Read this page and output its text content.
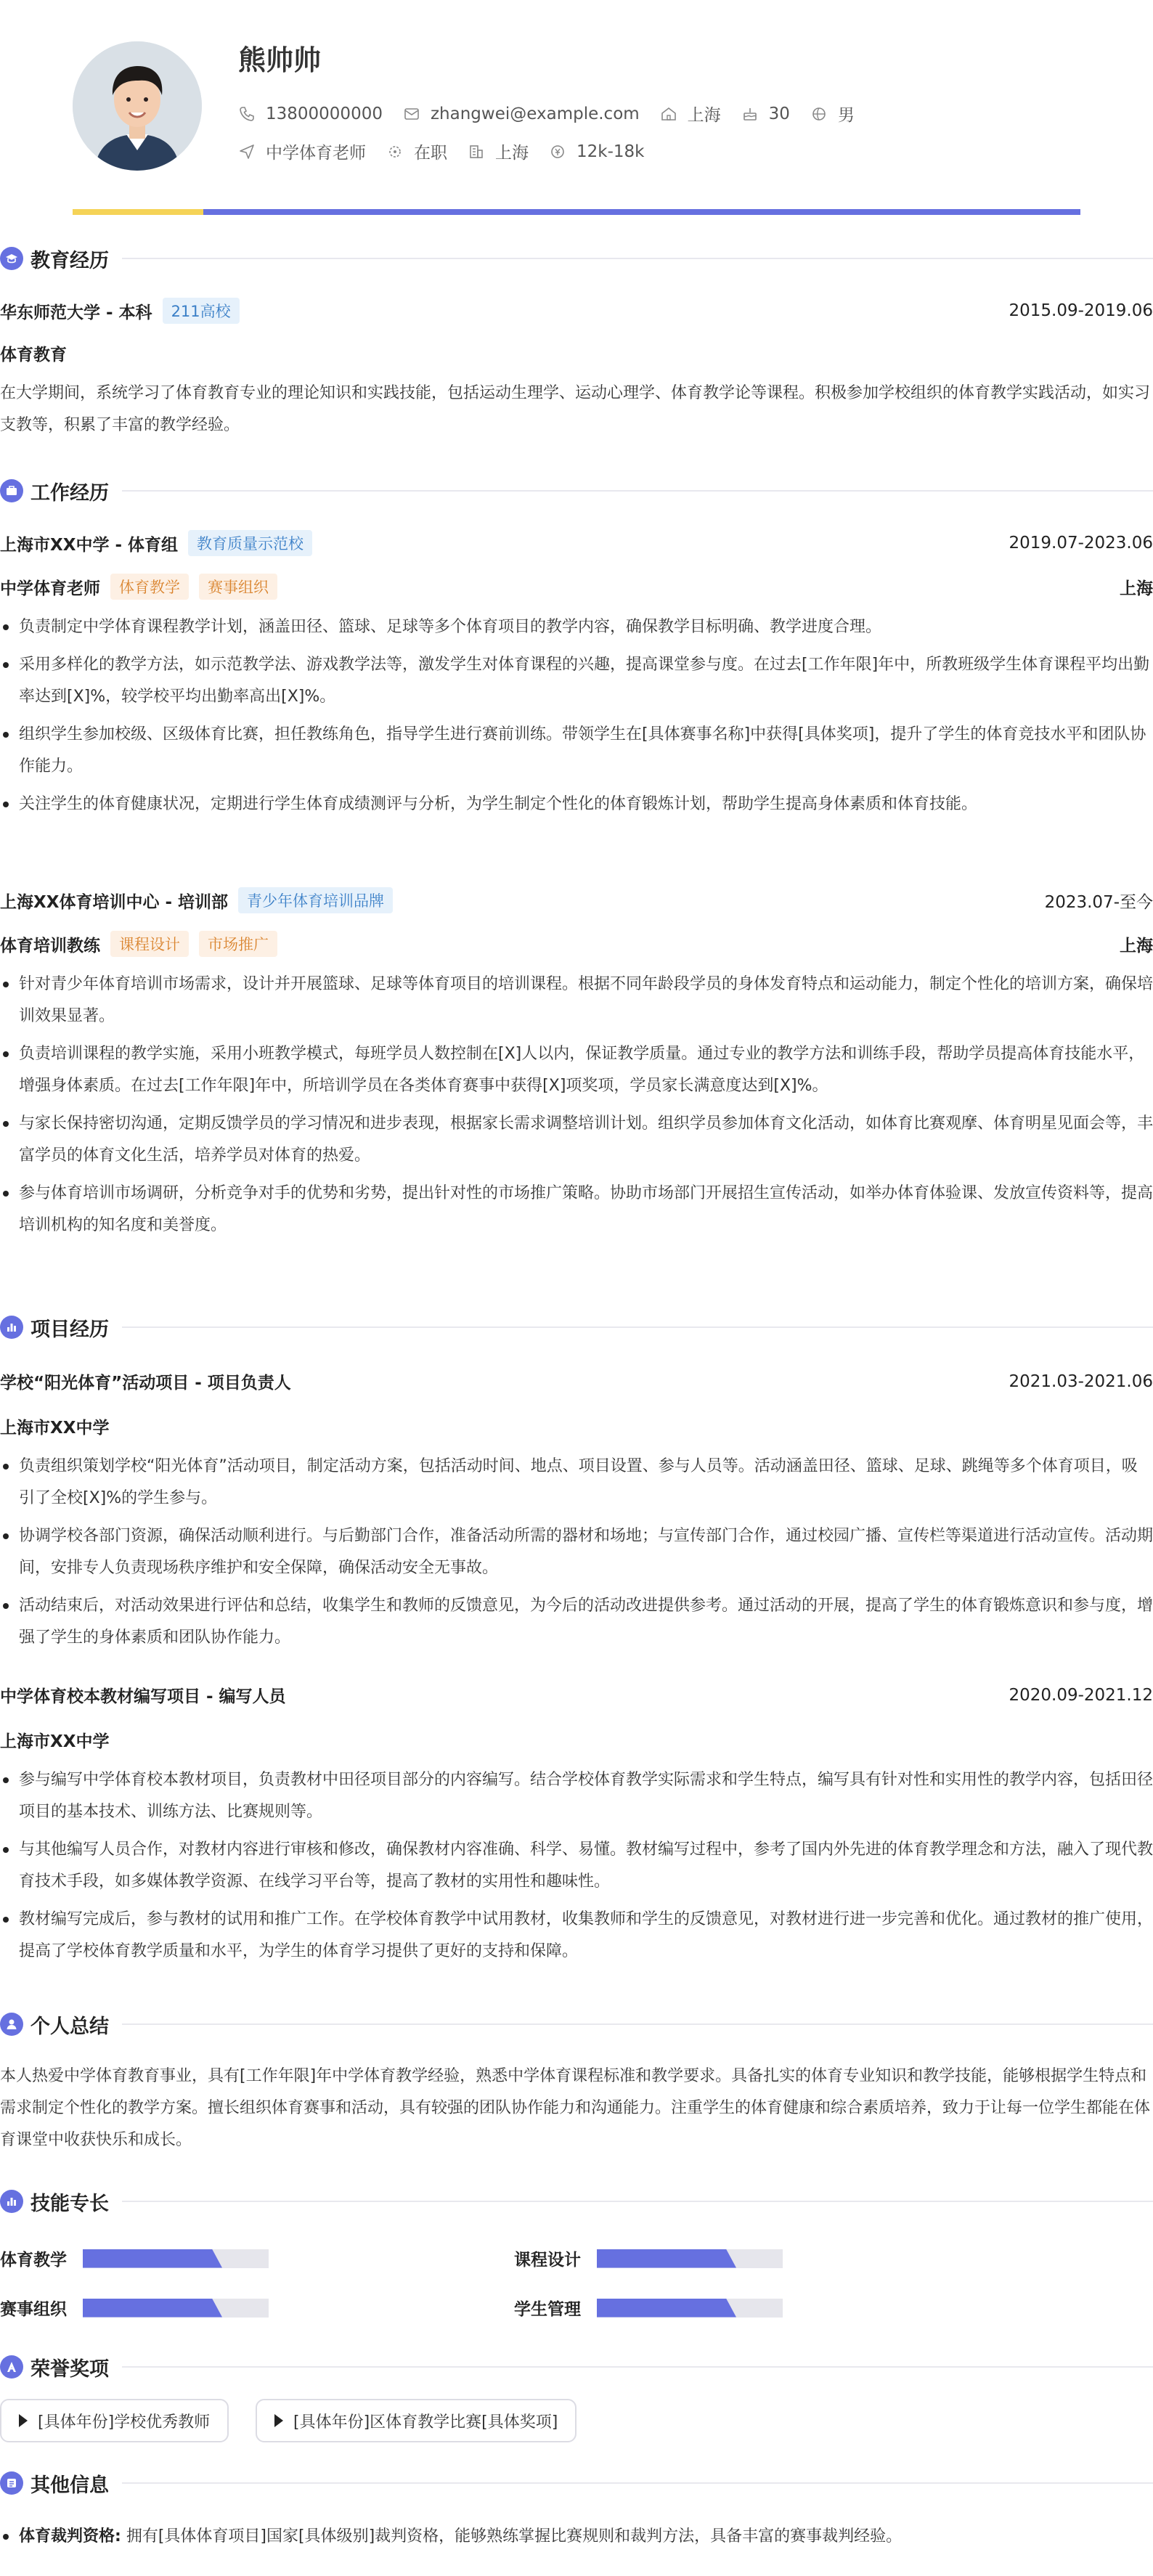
熊帅帅
13800000000	zhangwei@example.com	上海	30	男
中学体育老师	在职	上海	12k-18k
教育经历
华东师范大学 - 本科	211高校	2015.09-2019.06
体育教育
在大学期间，系统学习了体育教育专业的理论知识和实践技能，包括运动生理学、运动心理学、体育教学论等课程。积极参加学校组织的体育教学实践活动，如实习支教等，积累了丰富的教学经验。
工作经历
上海市XX中学 - 体育组	教育质量示范校	2019.07-2023.06
中学体育老师	体育教学	赛事组织	上海
负责制定中学体育课程教学计划，涵盖田径、篮球、足球等多个体育项目的教学内容，确保教学目标明确、教学进度合理。
采用多样化的教学方法，如示范教学法、游戏教学法等，激发学生对体育课程的兴趣，提高课堂参与度。在过去[工作年限]年中，所教班级学生体育课程平均出勤率达到[X]%，较学校平均出勤率高出[X]%。
组织学生参加校级、区级体育比赛，担任教练角色，指导学生进行赛前训练。带领学生在[具体赛事名称]中获得[具体奖项]，提升了学生的体育竞技水平和团队协作能力。
关注学生的体育健康状况，定期进行学生体育成绩测评与分析，为学生制定个性化的体育锻炼计划，帮助学生提高身体素质和体育技能。
上海XX体育培训中心 - 培训部	青少年体育培训品牌	2023.07-至今
体育培训教练	课程设计	市场推广	上海
针对青少年体育培训市场需求，设计并开展篮球、足球等体育项目的培训课程。根据不同年龄段学员的身体发育特点和运动能力，制定个性化的培训方案，确保培训效果显著。
负责培训课程的教学实施，采用小班教学模式，每班学员人数控制在[X]人以内，保证教学质量。通过专业的教学方法和训练手段，帮助学员提高体育技能水平，增强身体素质。在过去[工作年限]年中，所培训学员在各类体育赛事中获得[X]项奖项，学员家长满意度达到[X]%。
与家长保持密切沟通，定期反馈学员的学习情况和进步表现，根据家长需求调整培训计划。组织学员参加体育文化活动，如体育比赛观摩、体育明星见面会等，丰富学员的体育文化生活，培养学员对体育的热爱。
参与体育培训市场调研，分析竞争对手的优势和劣势，提出针对性的市场推广策略。协助市场部门开展招生宣传活动，如举办体育体验课、发放宣传资料等，提高培训机构的知名度和美誉度。
项目经历
学校“阳光体育”活动项目 - 项目负责人	2021.03-2021.06
上海市XX中学
负责组织策划学校“阳光体育”活动项目，制定活动方案，包括活动时间、地点、项目设置、参与人员等。活动涵盖田径、篮球、足球、跳绳等多个体育项目，吸引了全校[X]%的学生参与。
协调学校各部门资源，确保活动顺利进行。与后勤部门合作，准备活动所需的器材和场地；与宣传部门合作，通过校园广播、宣传栏等渠道进行活动宣传。活动期间，安排专人负责现场秩序维护和安全保障，确保活动安全无事故。
活动结束后，对活动效果进行评估和总结，收集学生和教师的反馈意见，为今后的活动改进提供参考。通过活动的开展，提高了学生的体育锻炼意识和参与度，增强了学生的身体素质和团队协作能力。
中学体育校本教材编写项目 - 编写人员	2020.09-2021.12
上海市XX中学
参与编写中学体育校本教材项目，负责教材中田径项目部分的内容编写。结合学校体育教学实际需求和学生特点，编写具有针对性和实用性的教学内容，包括田径项目的基本技术、训练方法、比赛规则等。
与其他编写人员合作，对教材内容进行审核和修改，确保教材内容准确、科学、易懂。教材编写过程中，参考了国内外先进的体育教学理念和方法，融入了现代教育技术手段，如多媒体教学资源、在线学习平台等，提高了教材的实用性和趣味性。
教材编写完成后，参与教材的试用和推广工作。在学校体育教学中试用教材，收集教师和学生的反馈意见，对教材进行进一步完善和优化。通过教材的推广使用，提高了学校体育教学质量和水平，为学生的体育学习提供了更好的支持和保障。
个人总结
本人热爱中学体育教育事业，具有[工作年限]年中学体育教学经验，熟悉中学体育课程标准和教学要求。具备扎实的体育专业知识和教学技能，能够根据学生特点和需求制定个性化的教学方案。擅长组织体育赛事和活动，具有较强的团队协作能力和沟通能力。注重学生的体育健康和综合素质培养，致力于让每一位学生都能在体育课堂中收获快乐和成长。
技能专长
体育教学	课程设计
赛事组织	学生管理
荣誉奖项
[具体年份]学校优秀教师	[具体年份]区体育教学比赛[具体奖项]
其他信息
体育裁判资格: 拥有[具体体育项目]国家[具体级别]裁判资格，能够熟练掌握比赛规则和裁判方法，具备丰富的赛事裁判经验。
